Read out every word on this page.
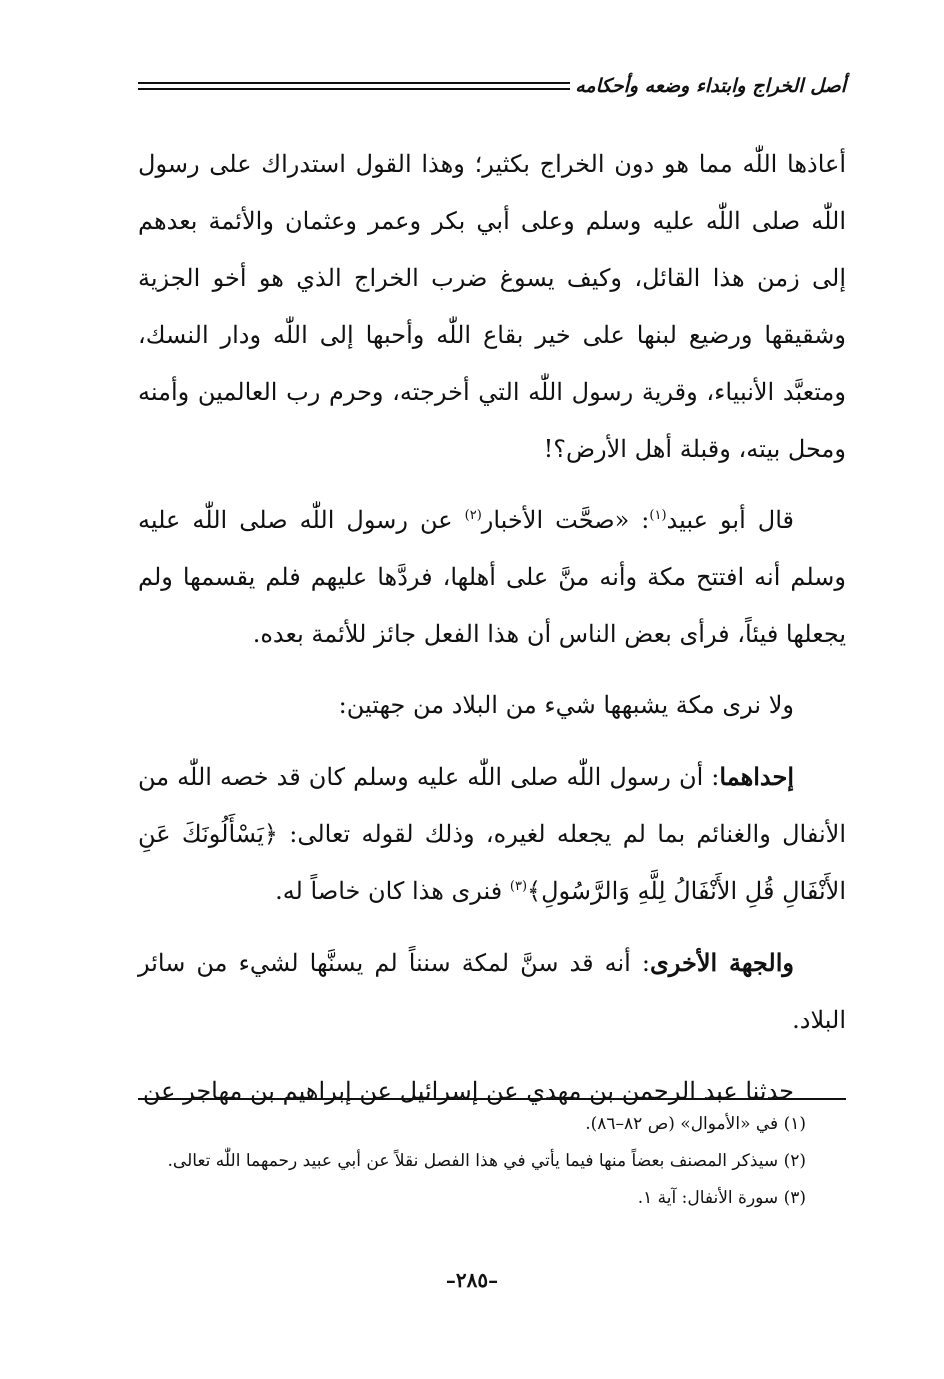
أصل الخراج وابتداء وضعه وأحكامه

أعاذها اللّٰه مما هو دون الخراج بكثير؛ وهذا القول استدراك على رسول اللّٰه صلى اللّٰه عليه وسلم وعلى أبي بكر وعمر وعثمان والأئمة بعدهم إلى زمن هذا القائل، وكيف يسوغ ضرب الخراج الذي هو أخو الجزية وشقيقها ورضيع لبنها على خير بقاع اللّٰه وأحبها إلى اللّٰه ودار النسك، ومتعبَّد الأنبياء، وقرية رسول اللّٰه التي أخرجته، وحرم رب العالمين وأمنه ومحل بيته، وقبلة أهل الأرض؟!

قال أبو عبيد$^{(١)}$: «صحَّت الأخبار$^{(٢)}$ عن رسول اللّٰه صلى اللّٰه عليه وسلم أنه افتتح مكة وأنه منَّ على أهلها، فردَّها عليهم فلم يقسمها ولم يجعلها فيئاً، فرأى بعض الناس أن هذا الفعل جائز للأئمة بعده.

ولا نرى مكة يشبهها شيء من البلاد من جهتين:

إحداهما: أن رسول اللّٰه صلى اللّٰه عليه وسلم كان قد خصه اللّٰه من الأنفال والغنائم بما لم يجعله لغيره، وذلك لقوله تعالى: ﴿يَسْأَلُونَكَ عَنِ الأَنْفَالِ قُلِ الأَنْفَالُ لِلَّهِ وَالرَّسُولِ﴾$^{(٣)}$ فنرى هذا كان خاصاً له.

والجهة الأخرى: أنه قد سنَّ لمكة سنناً لم يسنَّها لشيء من سائر البلاد.

حدثنا عبد الرحمن بن مهدي عن إسرائيل عن إبراهيم بن مهاجر عن

(١) في «الأموال» (ص ٨٢–٨٦).

(٢) سيذكر المصنف بعضاً منها فيما يأتي في هذا الفصل نقلاً عن أبي عبيد رحمهما اللّٰه تعالى.

(٣) سورة الأنفال: آية ١.

–٢٨٥–
